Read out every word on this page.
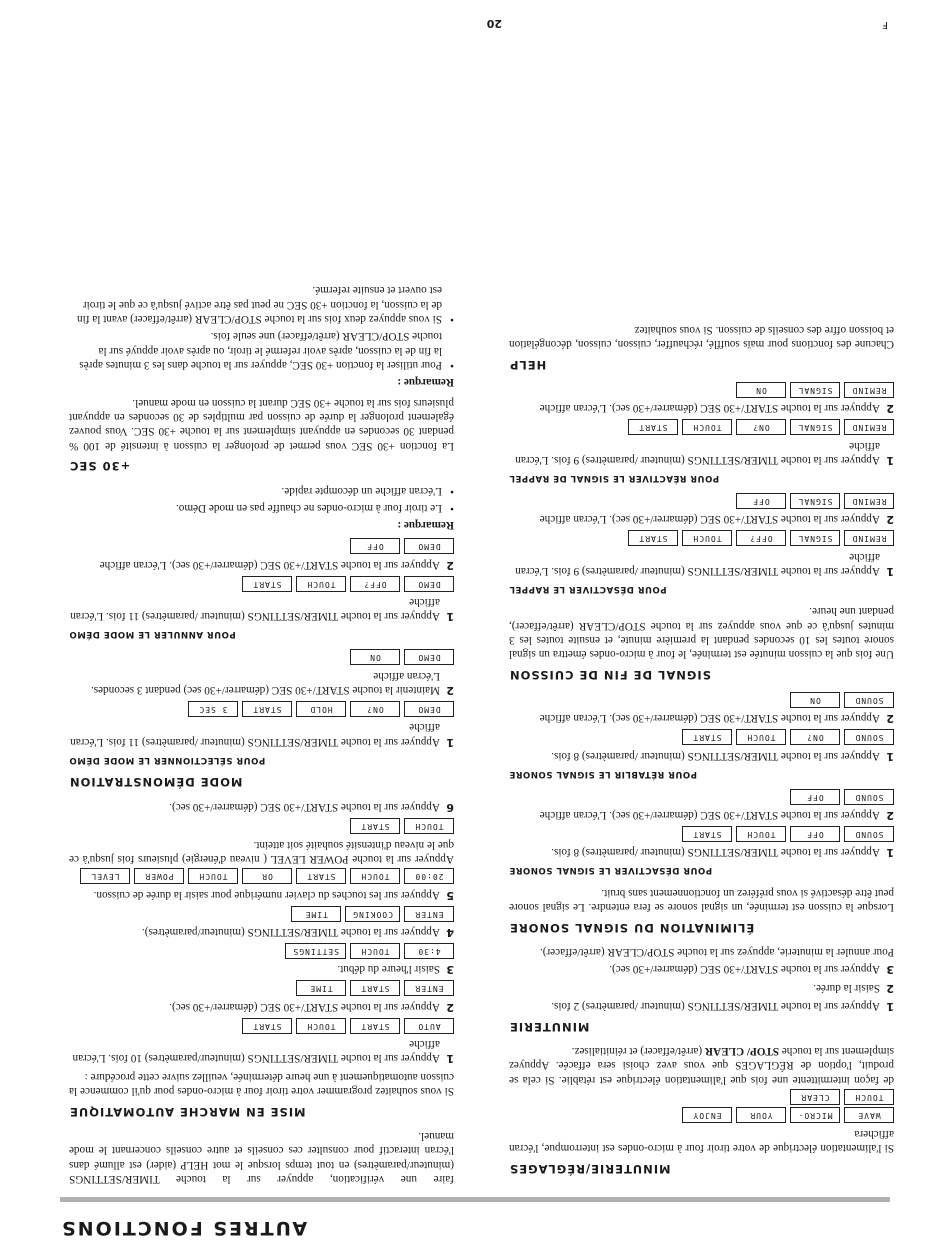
AUTRES FONCTIONS
MINUTERIE/RÉGLAGES

Si l'alimentation électrique de votre tiroir four à micro-ondes est interrompue, l'écran affichera

WAVE
MICRO-
YOUR
ENJOY
TOUCH
CLEAR

de façon intermittente une fois que l'alimentation électrique est rétablie. Si cela se produit, l'option de RÉGLAGES que vous avez choisi sera effacée. Appuyez simplement sur la touche STOP/ CLEAR (arrêt/effacer) et réinitialisez.

MINUTERIE
1
Appuyer sur la touche TIMER/SETTINGS (minuteur /paramètres) 2 fois.
2
Saisir la durée.
3
Appuyer sur la touche START/+30 SEC (démarrer/+30 sec).

Pour annuler la minuterie, appuyez sur la touche STOP/CLEAR (arrêt/effacer).

ÉLIMINATION DU SIGNAL SONORE

Lorsque la cuisson est terminée, un signal sonore se fera entendre. Le signal sonore peut être désactivé si vous préférez un fonctionnement sans bruit.

POUR DÉSACTIVER LE SIGNAL SONORE
1
Appuyer sur la touche TIMER/SETTINGS (minuteur /paramètres) 8 fois.
SOUND
OFF
TOUCH
START
2
Appuyer sur la touche START/+30 SEC (démarrer/+30 sec). L'écran affiche
SOUND
OFF
POUR RÉTABLIR LE SIGNAL SONORE
1
Appuyer sur la touche TIMER/SETTINGS (minuteur /paramètres) 8 fois.
SOUND
ON?
TOUCH
START
2
Appuyer sur la touche START/+30 SEC (démarrer/+30 sec). L'écran affiche
SOUND
ON
SIGNAL DE FIN DE CUISSON

Une fois que la cuisson minutée est terminée, le four à micro-ondes émettra un signal sonore toutes les 10 secondes pendant la première minute, et ensuite toutes les 3 minutes jusqu'à ce que vous appuyez sur la touche STOP/CLEAR (arrêt/effacer), pendant une heure.

POUR DÉSACTIVER LE RAPPEL
1
Appuyer sur la touche TIMER/SETTINGS (minuteur /paramètres) 9 fois. L'écran affiche
REMIND
SIGNAL
OFF?
TOUCH
START
2
Appuyer sur la touche START/+30 SEC (démarrer/+30 sec). L'écran affiche
REMIND
SIGNAL
OFF
POUR RÉACTIVER LE SIGNAL DE RAPPEL
1
Appuyer sur la touche TIMER/SETTINGS (minuteur /paramètres) 9 fois. L'écran affiche
REMIND
SIGNAL
ON?
TOUCH
START
2
Appuyer sur la touche START/+30 SEC (démarrer/+30 sec). L'écran affiche
REMIND
SIGNAL
ON
HELP

Chacune des fonctions pour maïs soufflé, réchauffer, cuisson, cuisson, décongélation et boisson offre des conseils de cuisson. Si vous souhaitez

faire une vérification, appuyer sur la touche TIMER/SETTINGS (minuteur/paramètres) en tout temps lorsque le mot HELP (aider) est allumé dans l'écran interactif pour consulter ces conseils et autre conseils concernant le mode manuel.

MISE EN MARCHE AUTOMATIQUE

Si vous souhaitez programmer votre tiroir four à micro-ondes pour qu'il commence la cuisson automatiquement à une heure déterminée, veuillez suivre cette procédure :

1
Appuyer sur la touche TIMER/SETTINGS (minuteur/paramètres) 10 fois. L'écran affiche
AUTO
START
TOUCH
START
2
Appuyer sur la touche START/+30 SEC (démarrer/+30 sec).
ENTER
START
TIME
3
Saisir l'heure du début.
4:30
TOUCH
SETTINGS
4
Appuyer sur la touche TIMER/SETTINGS (minuteur/paramètres).
ENTER
COOKING
TIME
5
Appuyer sur les touches du clavier numérique pour saisir la durée de cuisson.
20:00
TOUCH
START
OR
TOUCH
POWER
LEVEL

Appuyer sur la touche POWER LEVEL ( niveau d'énergie) plusieurs fois jusqu'à ce que le niveau d'intensité souhaité soit atteint.

TOUCH
START
6
Appuyer sur la touche START/+30 SEC (démarrer/+30 sec).
MODE DÉMONSTRATION
POUR SÉLECTIONNER LE MODE DÉMO
1
Appuyer sur la touche TIMER/SETTINGS (minuteur /paramètres) 11 fois. L'écran affiche
DEMO
ON?
HOLD
START
3 SEC
2
Maintenir la touche START/+30 SEC (démarrer/+30 sec) pendant 3 secondes. L'écran affiche
DEMO
ON
POUR ANNULER LE MODE DÉMO
1
Appuyer sur la touche TIMER/SETTINGS (minuteur /paramètres) 11 fois. L'écran affiche
DEMO
OFF?
TOUCH
START
2
Appuyer sur la touche START/+30 SEC (démarrer/+30 sec). L'écran affiche
DEMO
OFF
Remarque :
•
Le tiroir four à micro-ondes ne chauffe pas en mode Démo.
•
L'écran affiche un décompte rapide.
+30 SEC

La fonction +30 SEC vous permet de prolonger la cuisson à intensité de 100 % pendant 30 secondes en appuyant simplement sur la touche +30 SEC. Vous pouvez également prolonger la durée de cuisson par multiples de 30 secondes en appuyant plusieurs fois sur la touche +30 SEC durant la cuisson en mode manuel.

Remarque :
•
Pour utiliser la fonction +30 SEC, appuyer sur la touche dans les 3 minutes après la fin de la cuisson, après avoir refermé le tiroir, ou après avoir appuyé sur la touche STOP/CLEAR (arrêt/effacer) une seule fois.
•
Si vous appuyez deux fois sur la touche STOP/CLEAR (arrêt/effacer) avant la fin de la cuisson, la fonction +30 SEC ne peut pas être activé jusqu'à ce que le tiroir est ouvert et ensuite refermé.
F
20
